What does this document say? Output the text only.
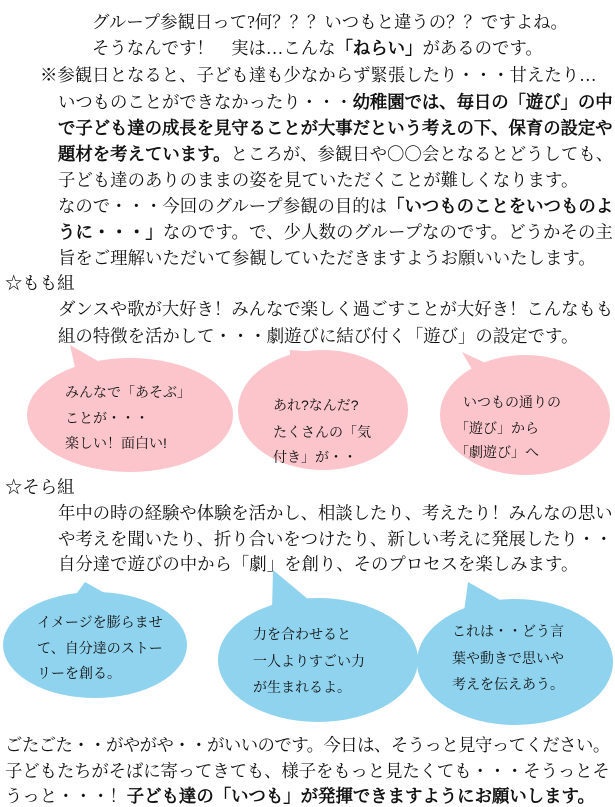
グループ参観日って?何？？？いつもと違うの？？ですよね。
そうなんです！　実は…こんな「ねらい」があるのです。
※参観日となると、子ども達も少なからず緊張したり・・・甘えたり…
いつものことができなかったり・・・幼稚園では、毎日の「遊び」の中
で子ども達の成長を見守ることが大事だという考えの下、保育の設定や
題材を考えています。ところが、参観日や〇〇会となるとどうしても、
子ども達のありのままの姿を見ていただくことが難しくなります。
なので・・・今回のグループ参観の目的は「いつものことをいつものよ
うに・・・」なのです。で、少人数のグループなのです。どうかその主
旨をご理解いただいて参観していただきますようお願いいたします。
☆もも組
ダンスや歌が大好き！みんなで楽しく過ごすことが大好き！こんなもも
組の特徴を活かして・・・劇遊びに結び付く「遊び」の設定です。
みんなで「あそぶ」
ことが・・・
楽しい！面白い!
あれ?なんだ?
たくさんの「気
付き」が・・
いつもの通りの
「遊び」から
「劇遊び」へ
☆そら組
年中の時の経験や体験を活かし、相談したり、考えたり！みんなの思い
や考えを聞いたり、折り合いをつけたり、新しい考えに発展したり・・
自分達で遊びの中から「劇」を創り、そのプロセスを楽しみます。
イメージを膨らませ
て、自分達のストー
リーを創る。
力を合わせると
一人よりすごい力
が生まれるよ。
これは・・どう言
葉や動きで思いや
考えを伝えあう。
ごたごた・・がやがや・・がいいのです。今日は、そうっと見守ってください。
子どもたちがそばに寄ってきても、様子をもっと見たくても・・・そうっとそ
うっと・・・！子ども達の「いつも」が発揮できますようにお願いします。
